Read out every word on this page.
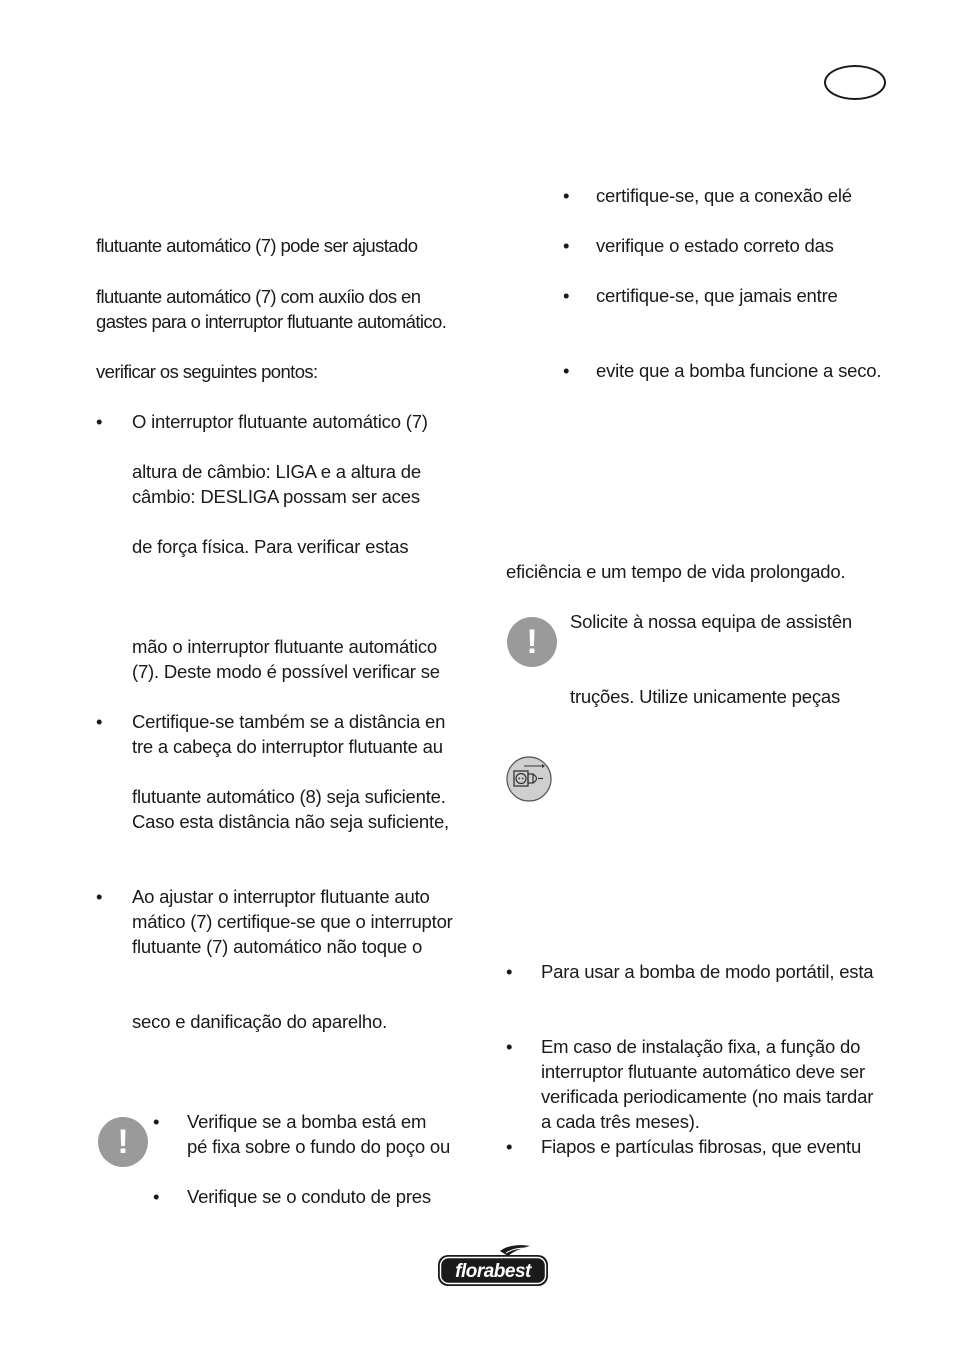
flutuante automático (7) pode ser ajustado
flutuante automático (7) com auxíio dos en
gastes para o interruptor flutuante automático.
verificar os seguintes pontos:
• O interruptor flutuante automático (7)
altura de câmbio: LIGA e a altura de
câmbio: DESLIGA possam ser aces
de força física. Para verificar estas
mão o interruptor flutuante automático
(7). Deste modo é possível verificar se
• Certifique-se também se a distância en
tre a cabeça do interruptor flutuante au
flutuante automático (8) seja suficiente.
Caso esta distância não seja suficiente,
• Ao ajustar o interruptor flutuante auto
mático (7) certifique-se que o interruptor
flutuante (7) automático não toque o
seco e danificação do aparelho.
!
• Verifique se a bomba está em
pé fixa sobre o fundo do poço ou
• Verifique se o conduto de pres
• certifique-se, que a conexão elé
• verifique o estado correto das
• certifique-se, que jamais entre
• evite que a bomba funcione a seco.
eficiência e um tempo de vida prolongado.
!
Solicite à nossa equipa de assistên
truções. Utilize unicamente peças
• Para usar a bomba de modo portátil, esta
• Em caso de instalação fixa, a função do
interruptor flutuante automático deve ser
verificada periodicamente (no mais tardar
a cada três meses).
• Fiapos e partículas fibrosas, que eventu
florabest
